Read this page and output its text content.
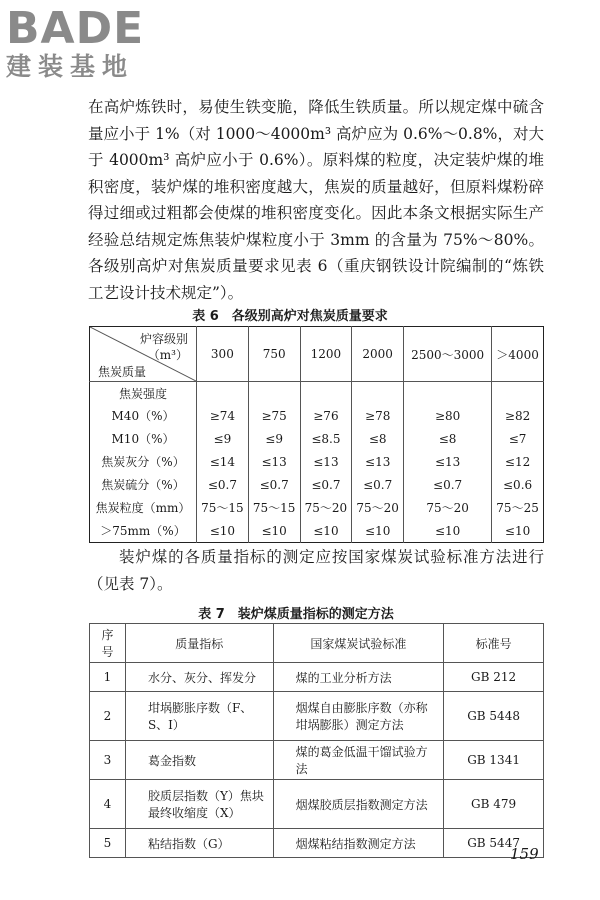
BADE
建装基地

在高炉炼铁时，易使生铁变脆，降低生铁质量。所以规定煤中硫含量应小于 1%（对 1000～4000m³ 高炉应为 0.6%～0.8%，对大于 4000m³ 高炉应小于 0.6%）。原料煤的粒度，决定装炉煤的堆积密度，装炉煤的堆积密度越大，焦炭的质量越好，但原料煤粉碎得过细或过粗都会使煤的堆积密度变化。因此本条文根据实际生产经验总结规定炼焦装炉煤粒度小于 3mm 的含量为 75%～80%。各级别高炉对焦炭质量要求见表 6（重庆钢铁设计院编制的“炼铁工艺设计技术规定”）。

表 6　各级别高炉对焦炭质量要求
炉容级别
（m³）
焦炭质量	300	750	1200	2000	2500～3000	＞4000
焦炭强度						
M40（%）	≥74	≥75	≥76	≥78	≥80	≥82
M10（%）	≤9	≤9	≤8.5	≤8	≤8	≤7
焦炭灰分（%）	≤14	≤13	≤13	≤13	≤13	≤12
焦炭硫分（%）	≤0.7	≤0.7	≤0.7	≤0.7	≤0.7	≤0.6
焦炭粒度（mm）	75～15	75～15	75～20	75～20	75～20	75～25
＞75mm（%）	≤10	≤10	≤10	≤10	≤10	≤10

装炉煤的各质量指标的测定应按国家煤炭试验标准方法进行（见表 7）。

表 7　装炉煤质量指标的测定方法
序号	质量指标	国家煤炭试验标准	标准号
1	水分、灰分、挥发分	煤的工业分析方法	GB 212
2	坩埚膨胀序数（F、S、I）	烟煤自由膨胀序数（亦称坩埚膨胀）测定方法	GB 5448
3	葛金指数	煤的葛金低温干馏试验方法	GB 1341
4	胶质层指数（Y）焦块最终收缩度（X）	烟煤胶质层指数测定方法	GB 479
5	粘结指数（G）	烟煤粘结指数测定方法	GB 5447
159
